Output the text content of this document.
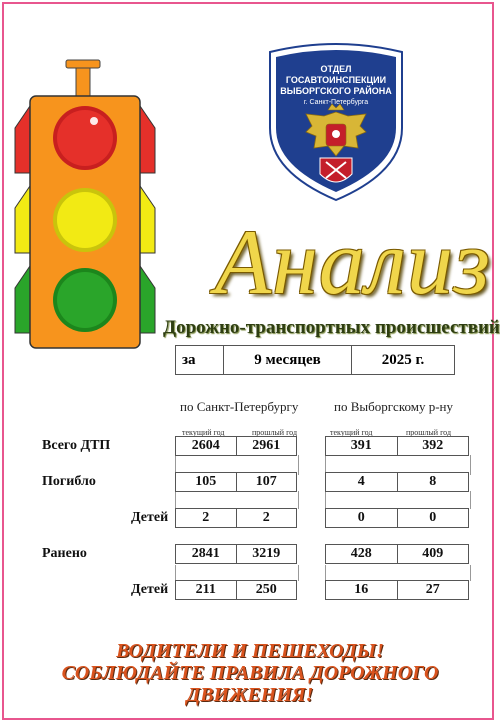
ОТДЕЛ
ГОСАВТОИНСПЕКЦИИ
ВЫБОРГСКОГО РАЙОНА
г. Санкт-Петербурга
Анализ
Дорожно-транспортных происшествий
за	9 месяцев	2025 г.
по Санкт-Петербургу	по Выборгскому р-ну
текущий год	прошлый год	текущий год	прошлый год
Всего ДТП	2604	2961	391	392
Погибло	105	107	4	8
Детей	2	2	0	0
Ранено	2841	3219	428	409
Детей	211	250	16	27
ВОДИТЕЛИ И ПЕШЕХОДЫ!
СОБЛЮДАЙТЕ ПРАВИЛА ДОРОЖНОГО
ДВИЖЕНИЯ!
